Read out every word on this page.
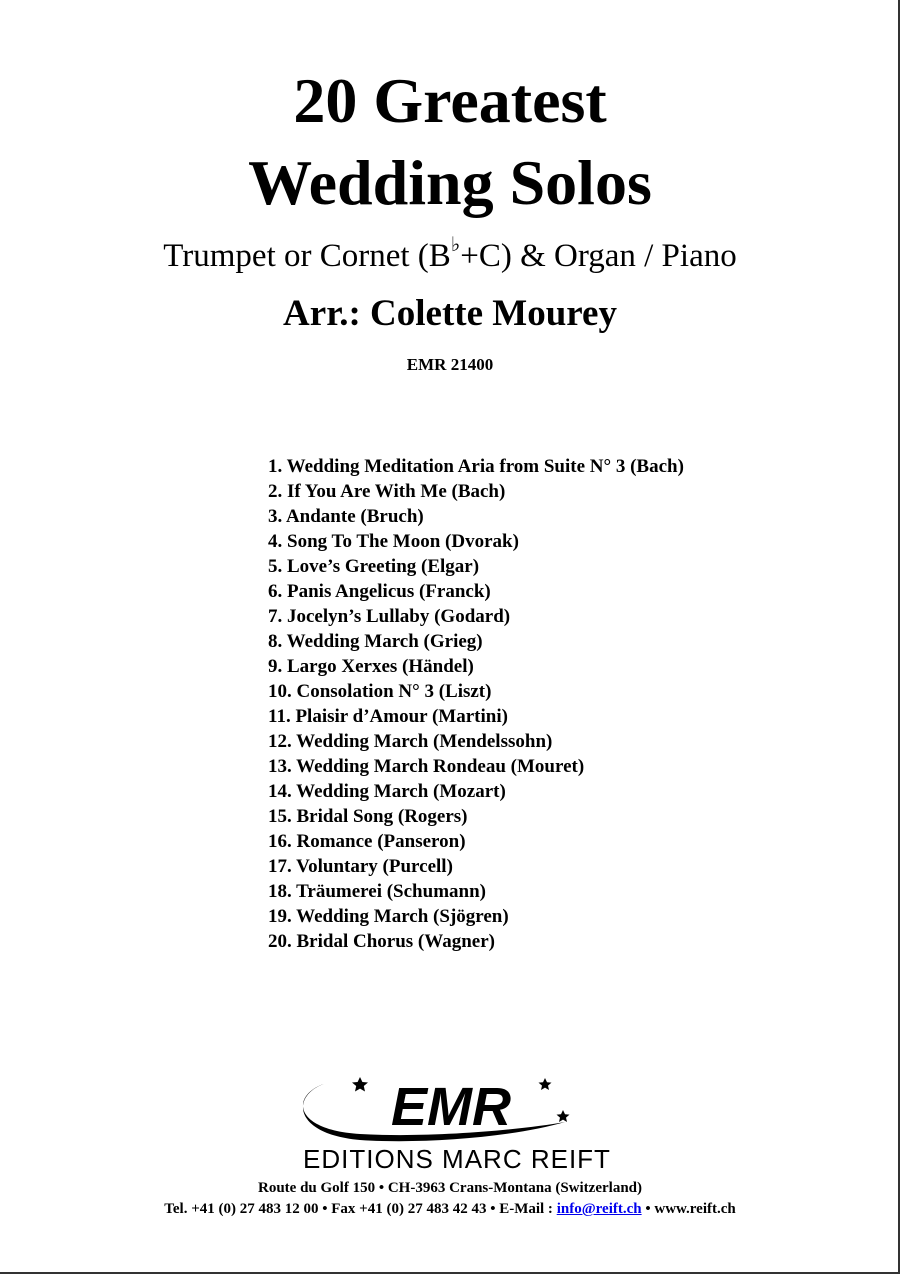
20 Greatest
Wedding Solos
Trumpet or Cornet (B♭+C) & Organ / Piano
Arr.: Colette Mourey
EMR 21400
1. Wedding Meditation Aria from Suite N° 3 (Bach)
2. If You Are With Me (Bach)
3. Andante (Bruch)
4. Song To The Moon (Dvorak)
5. Love’s Greeting (Elgar)
6. Panis Angelicus (Franck)
7. Jocelyn’s Lullaby (Godard)
8. Wedding March (Grieg)
9. Largo Xerxes (Händel)
10. Consolation N° 3 (Liszt)
11. Plaisir d’Amour (Martini)
12. Wedding March (Mendelssohn)
13. Wedding March Rondeau (Mouret)
14. Wedding March (Mozart)
15. Bridal Song (Rogers)
16. Romance (Panseron)
17. Voluntary (Purcell)
18. Träumerei (Schumann)
19. Wedding March (Sjögren)
20. Bridal Chorus (Wagner)
EMR
EDITIONS MARC REIFT
Route du Golf 150 • CH-3963 Crans-Montana (Switzerland)
Tel. +41 (0) 27 483 12 00 • Fax +41 (0) 27 483 42 43 • E-Mail : info@reift.ch • www.reift.ch
